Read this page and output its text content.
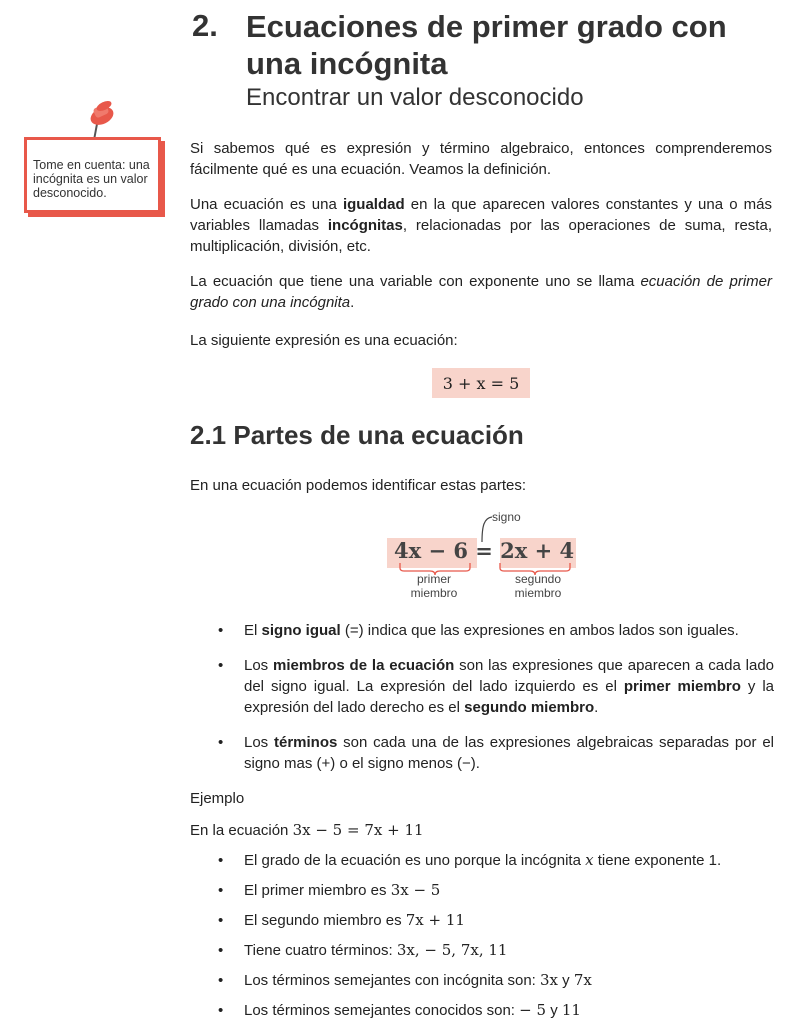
2. Ecuaciones de primer grado con una incógnita
Encontrar un valor desconocido
Tome en cuenta: una incógnita es un valor desconocido.

Si sabemos qué es expresión y término algebraico, entonces comprenderemos fácilmente qué es una ecuación. Veamos la definición.

Una ecuación es una igualdad en la que aparecen valores constantes y una o más variables llamadas incógnitas, relacionadas por las operaciones de suma, resta, multiplicación, división, etc.

La ecuación que tiene una variable con exponente uno se llama ecuación de primer grado con una incógnita.

La siguiente expresión es una ecuación:

3 + x = 5
2.1 Partes de una ecuación

En una ecuación podemos identificar estas partes:

4x − 6 = 2x + 4
signo
primer miembro
segundo miembro
• El signo igual (=) indica que las expresiones en ambos lados son iguales.
• Los miembros de la ecuación son las expresiones que aparecen a cada lado del signo igual. La expresión del lado izquierdo es el primer miembro y la expresión del lado derecho es el segundo miembro.
• Los términos son cada una de las expresiones algebraicas separadas por el signo mas (+) o el signo menos (−).

Ejemplo

En la ecuación 3x − 5 = 7x + 11

• El grado de la ecuación es uno porque la incógnita x tiene exponente 1.
• El primer miembro es 3x − 5
• El segundo miembro es 7x + 11
• Tiene cuatro términos: 3x, − 5, 7x, 11
• Los términos semejantes con incógnita son: 3x y 7x
• Los términos semejantes conocidos son: − 5 y 11
